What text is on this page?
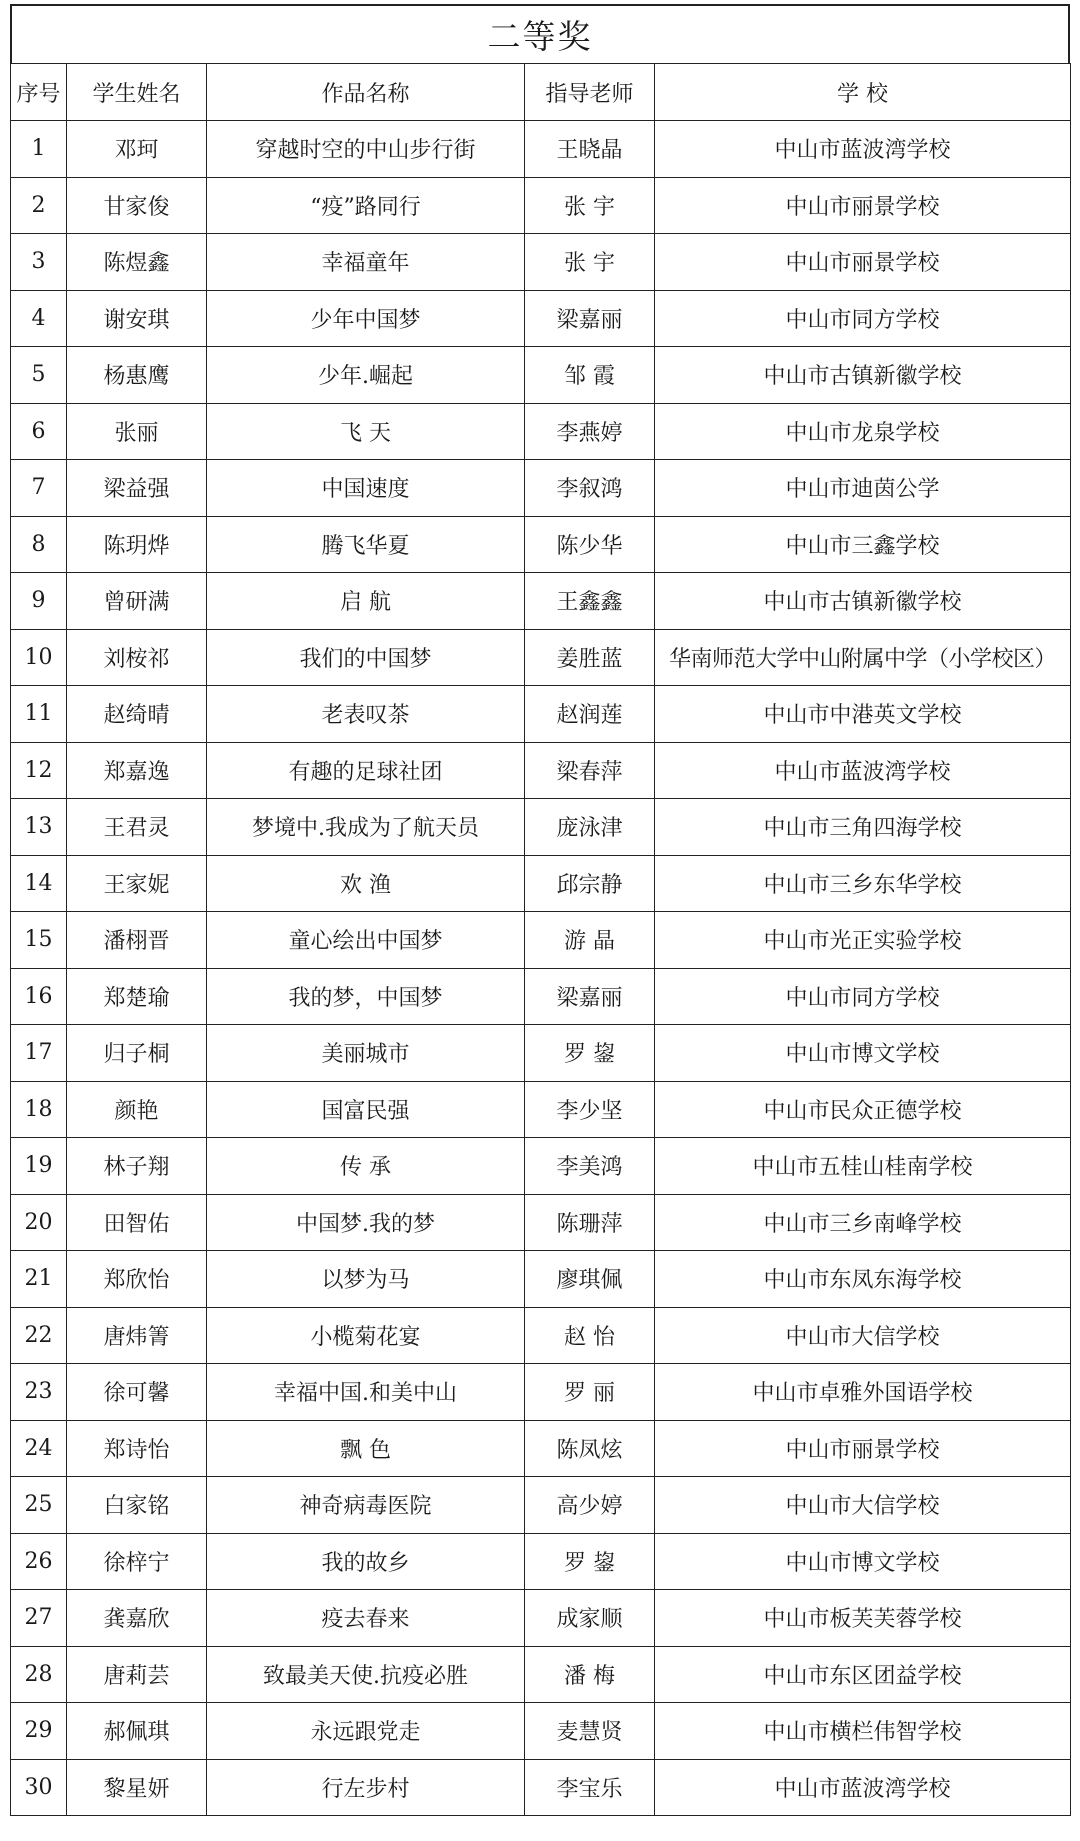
二等奖
序号	学生姓名	作品名称	指导老师	学 校
1	邓珂	穿越时空的中山步行街	王晓晶	中山市蓝波湾学校
2	甘家俊	“疫”路同行	张 宇	中山市丽景学校
3	陈煜鑫	幸福童年	张 宇	中山市丽景学校
4	谢安琪	少年中国梦	梁嘉丽	中山市同方学校
5	杨惠鹰	少年.崛起	邹 霞	中山市古镇新徽学校
6	张丽	飞 天	李燕婷	中山市龙泉学校
7	梁益强	中国速度	李叙鸿	中山市迪茵公学
8	陈玥烨	腾飞华夏	陈少华	中山市三鑫学校
9	曾研满	启 航	王鑫鑫	中山市古镇新徽学校
10	刘桉祁	我们的中国梦	姜胜蓝	华南师范大学中山附属中学（小学校区）
11	赵绮晴	老表叹茶	赵润莲	中山市中港英文学校
12	郑嘉逸	有趣的足球社团	梁春萍	中山市蓝波湾学校
13	王君灵	梦境中.我成为了航天员	庞泳津	中山市三角四海学校
14	王家妮	欢 渔	邱宗静	中山市三乡东华学校
15	潘栩晋	童心绘出中国梦	游 晶	中山市光正实验学校
16	郑楚瑜	我的梦，中国梦	梁嘉丽	中山市同方学校
17	归子桐	美丽城市	罗 鋆	中山市博文学校
18	颜艳	国富民强	李少坚	中山市民众正德学校
19	林子翔	传 承	李美鸿	中山市五桂山桂南学校
20	田智佑	中国梦.我的梦	陈珊萍	中山市三乡南峰学校
21	郑欣怡	以梦为马	廖琪佩	中山市东凤东海学校
22	唐炜箐	小榄菊花宴	赵 怡	中山市大信学校
23	徐可馨	幸福中国.和美中山	罗 丽	中山市卓雅外国语学校
24	郑诗怡	飘 色	陈凤炫	中山市丽景学校
25	白家铭	神奇病毒医院	高少婷	中山市大信学校
26	徐梓宁	我的故乡	罗 鋆	中山市博文学校
27	龚嘉欣	疫去春来	成家顺	中山市板芙芙蓉学校
28	唐莉芸	致最美天使.抗疫必胜	潘 梅	中山市东区团益学校
29	郝佩琪	永远跟党走	麦慧贤	中山市横栏伟智学校
30	黎星妍	行左步村	李宝乐	中山市蓝波湾学校
